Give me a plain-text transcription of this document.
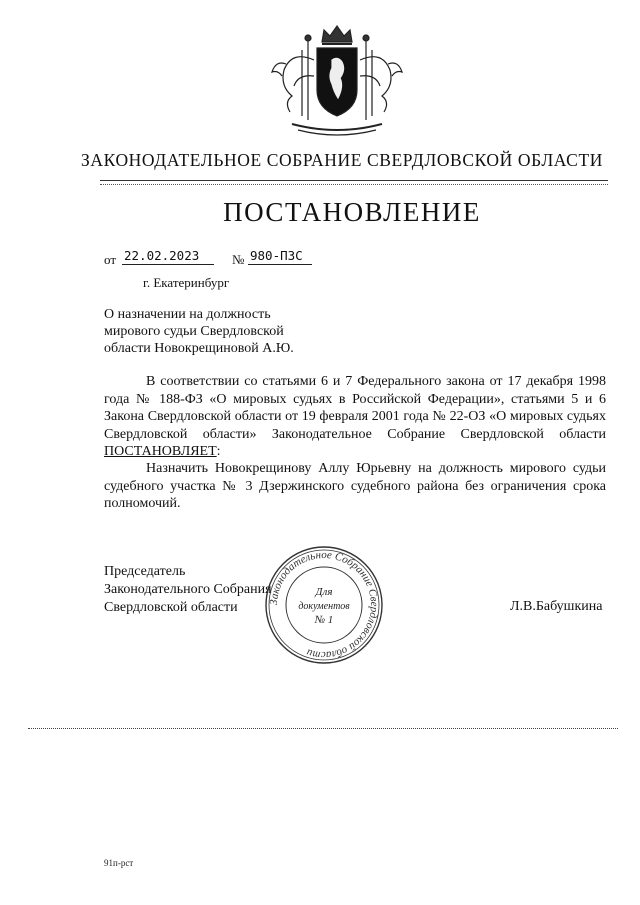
ЗАКОНОДАТЕЛЬНОЕ СОБРАНИЕ СВЕРДЛОВСКОЙ ОБЛАСТИ
ПОСТАНОВЛЕНИЕ
от 22.02.2023	№ 980-ПЗС
г. Екатеринбург
О назначении на должность
мирового судьи Свердловской
области Новокрещиновой А.Ю.

В соответствии со статьями 6 и 7 Федерального закона от 17 декабря 1998 года № 188-ФЗ «О мировых судьях в Российской Федерации», статьями 5 и 6 Закона Свердловской области от 19 февраля 2001 года № 22-ОЗ «О мировых судьях Свердловской области» Законодательное Собрание Свердловской области ПОСТАНОВЛЯЕТ:

Назначить Новокрещинову Аллу Юрьевну на должность мирового судьи судебного участка № 3 Дзержинского судебного района без ограничения срока полномочий.

Председатель
Законодательного Собрания
Свердловской области	Законодательное Собрание Свердловской области
Для
документов
№ 1
Л.В.Бабушкина
91п-рст
